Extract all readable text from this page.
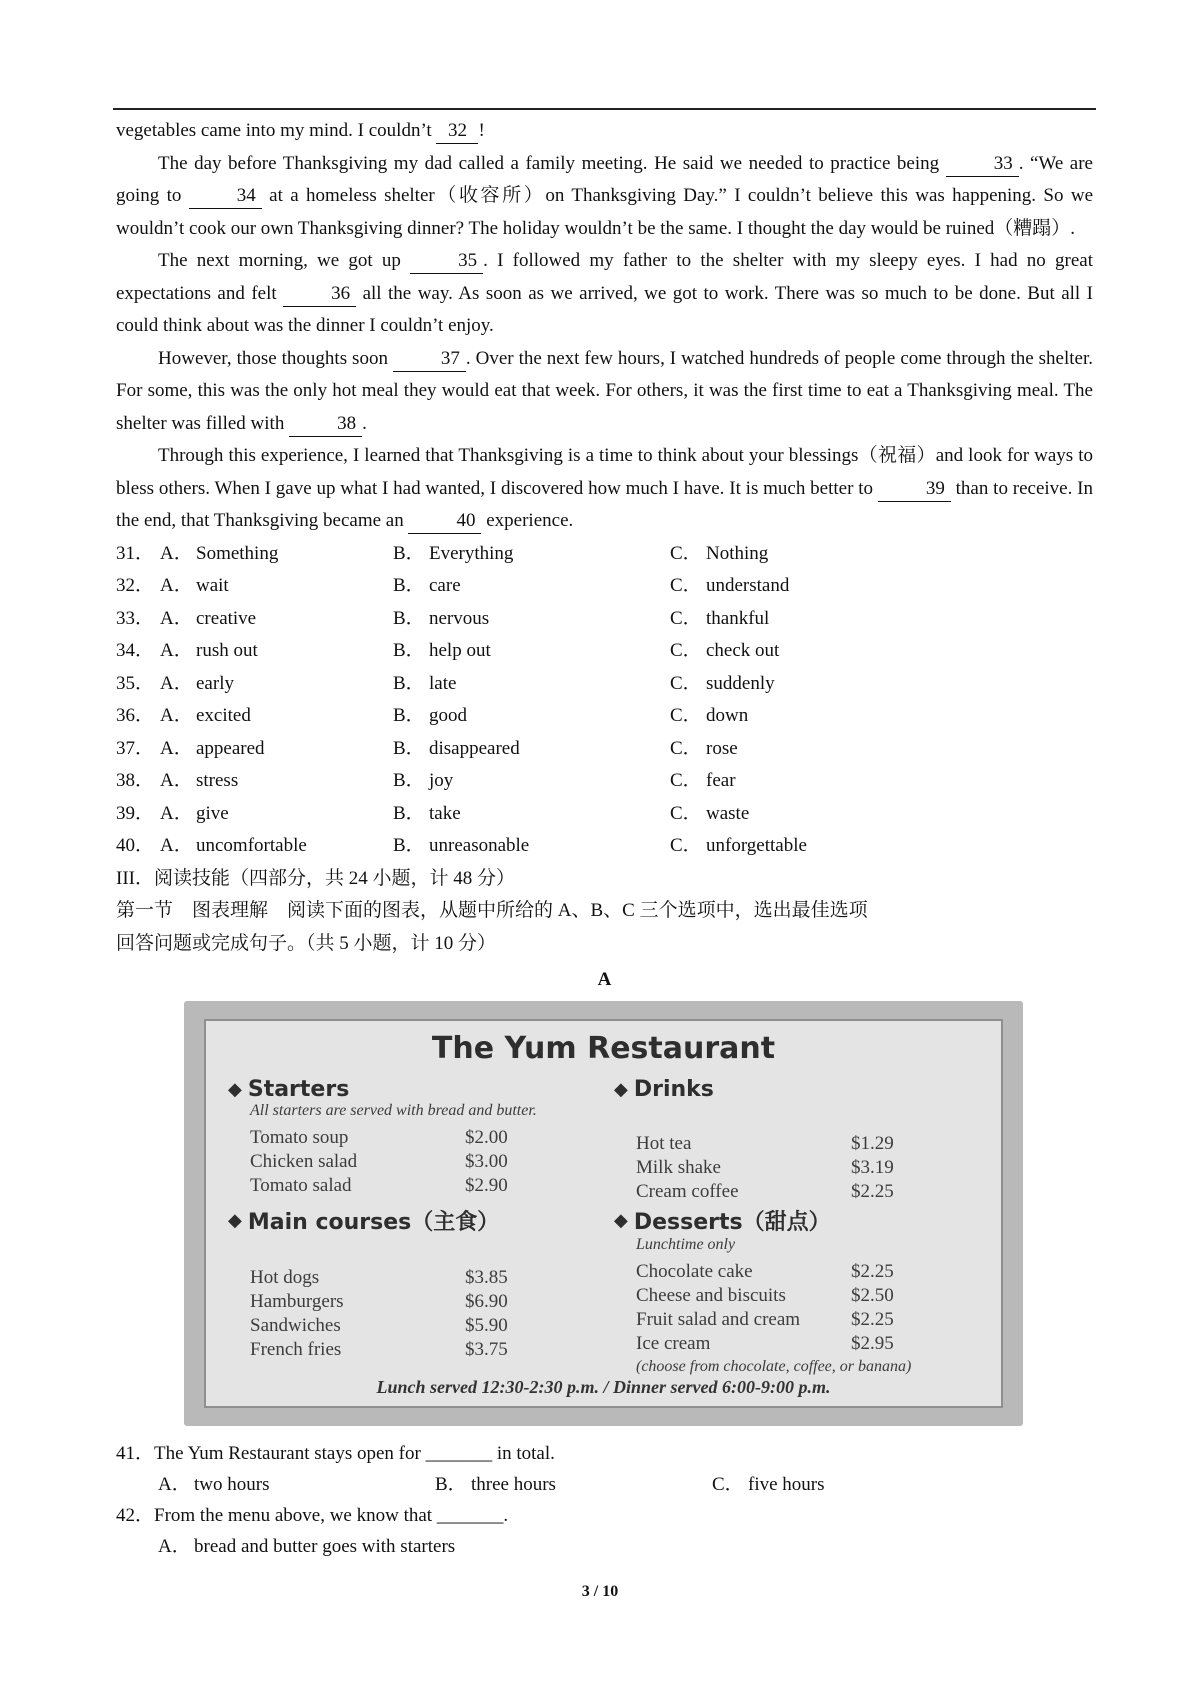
vegetables came into my mind. I couldn’t 32 !

The day before Thanksgiving my dad called a family meeting. He said we needed to practice being	33 . “We are going to	34 at a homeless shelter（收容所）on Thanksgiving Day.” I couldn’t believe this was happening. So we wouldn’t cook our own Thanksgiving dinner? The holiday wouldn’t be the same. I thought the day would be ruined（糟蹋）.

The next morning, we got up	35 . I followed my father to the shelter with my sleepy eyes. I had no great expectations and felt	36 all the way. As soon as we arrived, we got to work. There was so much to be done. But all I could think about was the dinner I couldn’t enjoy.

However, those thoughts soon	37 . Over the next few hours, I watched hundreds of people come through the shelter. For some, this was the only hot meal they would eat that week. For others, it was the first time to eat a Thanksgiving meal. The shelter was filled with	38 .

Through this experience, I learned that Thanksgiving is a time to think about your blessings（祝福）and look for ways to bless others. When I gave up what I had wanted, I discovered how much I have. It is much better to	39 than to receive. In the end, that Thanksgiving became an	40 experience.

31． A． Something	B． Everything	C． Nothing
32． A． wait	B． care	C． understand
33． A． creative	B． nervous	C． thankful
34． A． rush out	B． help out	C． check out
35． A． early	B． late	C． suddenly
36． A． excited	B． good	C． down
37． A． appeared	B． disappeared	C． rose
38． A． stress	B． joy	C． fear
39． A． give	B． take	C． waste
40． A． uncomfortable	B． unreasonable	C． unforgettable

III．阅读技能（四部分，共 24 小题，计 48 分）

第一节　图表理解　阅读下面的图表，从题中所给的 A、B、C 三个选项中，选出最佳选项

回答问题或完成句子。（共 5 小题，计 10 分）

A

The Yum Restaurant
◆ Starters
All starters are served with bread and butter.
Tomato soup	$2.00
Chicken salad	$3.00
Tomato salad	$2.90
◆ Drinks
Hot tea	$1.29
Milk shake	$3.19
Cream coffee	$2.25
◆ Main courses（主食）
Hot dogs	$3.85
Hamburgers	$6.90
Sandwiches	$5.90
French fries	$3.75
◆ Desserts（甜点）
Lunchtime only
Chocolate cake	$2.25
Cheese and biscuits	$2.50
Fruit salad and cream	$2.25
Ice cream	$2.95
(choose from chocolate, coffee, or banana)
Lunch served 12:30-2:30 p.m. / Dinner served 6:00-9:00 p.m.

41．The Yum Restaurant stays open for _______ in total.

A． two hours	B． three hours	C． five hours

42．From the menu above, we know that _______.

A． bread and butter goes with starters
3 / 10
